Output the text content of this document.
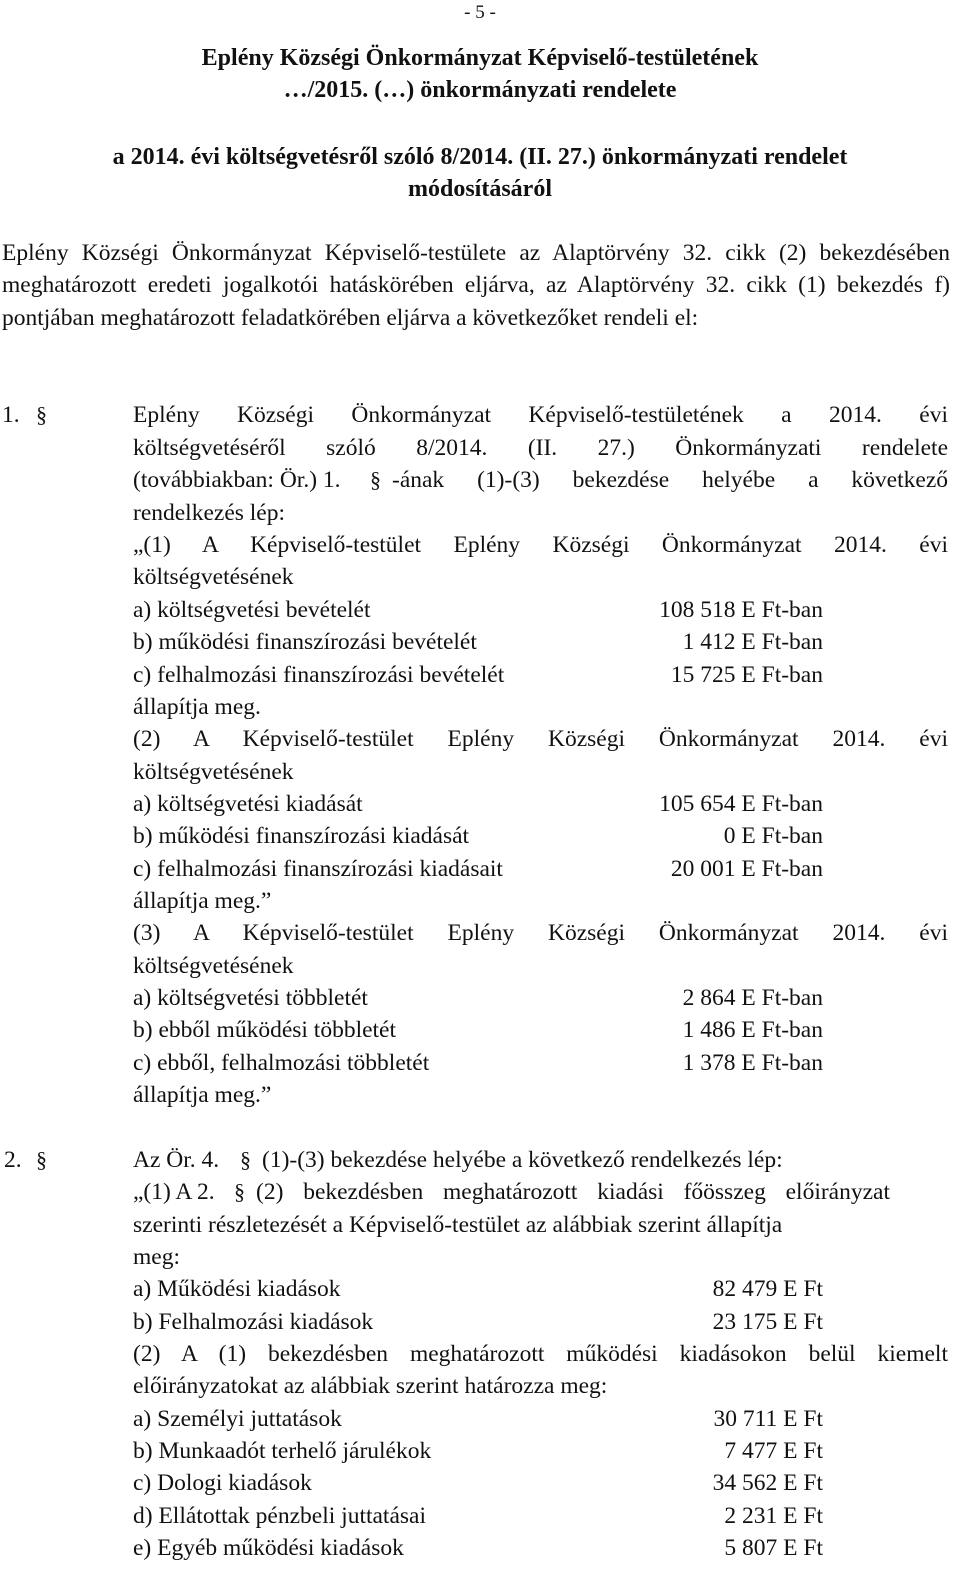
- 5 -
Eplény Községi Önkormányzat Képviselő-testületének
…/2015. (…) önkormányzati rendelete
a 2014. évi költségvetésről szóló 8/2014. (II. 27.) önkormányzati rendelet
módosításáról
Eplény Községi Önkormányzat Képviselő-testülete az Alaptörvény 32. cikk (2) bekezdésében meghatározott eredeti jogalkotói hatáskörében eljárva, az Alaptörvény 32. cikk (1) bekezdés f) pontjában meghatározott feladatkörében eljárva a következőket rendeli el:
1. §	Eplény Községi Önkormányzat Képviselő-testületének a 2014. évi
költségvetéséről szóló 8/2014. (II. 27.) Önkormányzati rendelete
(továbbiakban: Ör.) 1. § -ának (1)-(3) bekezdése helyébe a következő
rendelkezés lép:
„(1) A Képviselő-testület Eplény Községi Önkormányzat 2014. évi
költségvetésének
a) költségvetési bevételét	108 518 E Ft-ban
b) működési finanszírozási bevételét	1 412 E Ft-ban
c) felhalmozási finanszírozási bevételét	15 725 E Ft-ban
állapítja meg.
(2) A Képviselő-testület Eplény Községi Önkormányzat 2014. évi
költségvetésének
a) költségvetési kiadását	105 654 E Ft-ban
b) működési finanszírozási kiadását	0 E Ft-ban
c) felhalmozási finanszírozási kiadásait	20 001 E Ft-ban
állapítja meg.”
(3) A Képviselő-testület Eplény Községi Önkormányzat 2014. évi
költségvetésének
a) költségvetési többletét	2 864 E Ft-ban
b) ebből működési többletét	1 486 E Ft-ban
c) ebből, felhalmozási többletét	1 378 E Ft-ban
állapítja meg.”
2. §	Az Ör. 4. § (1)-(3) bekezdése helyébe a következő rendelkezés lép:
„(1) A 2. § (2) bekezdésben meghatározott kiadási főösszeg előirányzat
szerinti részletezését a Képviselő-testület az alábbiak szerint állapítja
meg:
a) Működési kiadások	82 479 E Ft
b) Felhalmozási kiadások	23 175 E Ft
(2) A (1) bekezdésben meghatározott működési kiadásokon belül kiemelt
előirányzatokat az alábbiak szerint határozza meg:
a) Személyi juttatások	30 711 E Ft
b) Munkaadót terhelő járulékok	7 477 E Ft
c) Dologi kiadások	34 562 E Ft
d) Ellátottak pénzbeli juttatásai	2 231 E Ft
e) Egyéb működési kiadások	5 807 E Ft
